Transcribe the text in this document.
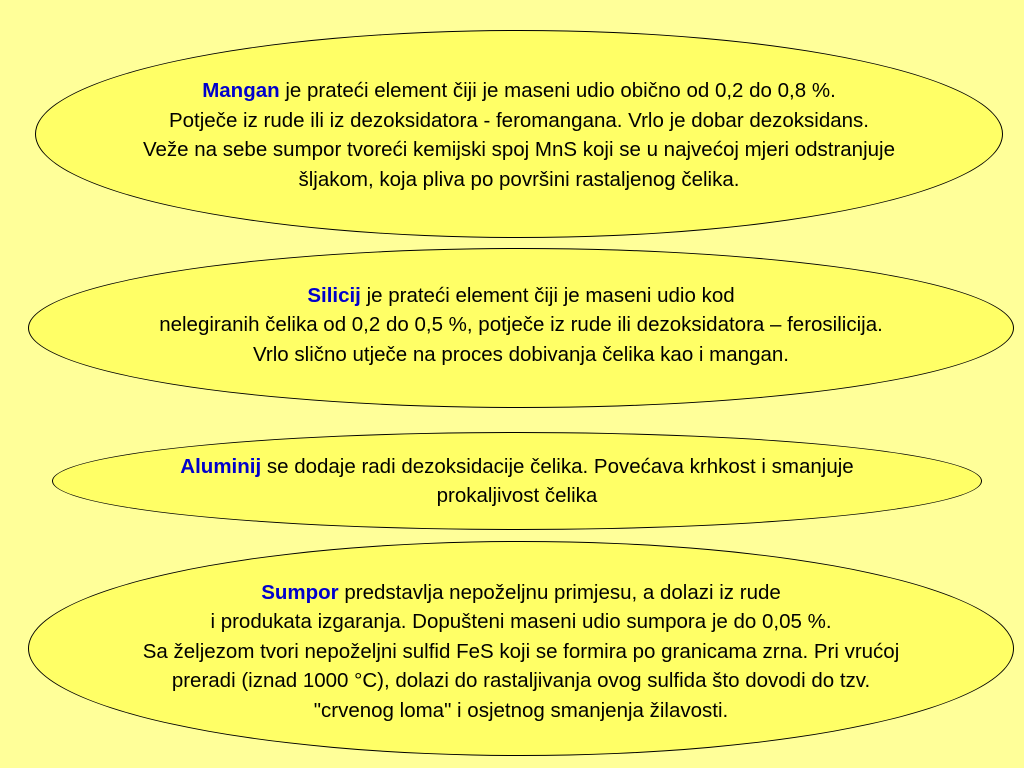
Mangan je prateći element čiji je maseni udio obično od 0,2 do 0,8 %.
Potječe iz rude ili iz dezoksidatora - feromangana. Vrlo je dobar dezoksidans.
Veže na sebe sumpor tvoreći kemijski spoj MnS koji se u najvećoj mjeri odstranjuje
šljakom, koja pliva po površini rastaljenog čelika.
Silicij je prateći element čiji je maseni udio kod
nelegiranih čelika od 0,2 do 0,5 %, potječe iz rude ili dezoksidatora – ferosilicija.
Vrlo slično utječe na proces dobivanja čelika kao i mangan.
Aluminij se dodaje radi dezoksidacije čelika. Povećava krhkost i smanjuje
prokaljivost čelika
Sumpor predstavlja nepoželjnu primjesu, a dolazi iz rude
i produkata izgaranja. Dopušteni maseni udio sumpora je do 0,05 %.
Sa željezom tvori nepoželjni sulfid FeS koji se formira po granicama zrna. Pri vrućoj
preradi (iznad 1000 °C), dolazi do rastaljivanja ovog sulfida što dovodi do tzv.
"crvenog loma" i osjetnog smanjenja žilavosti.
